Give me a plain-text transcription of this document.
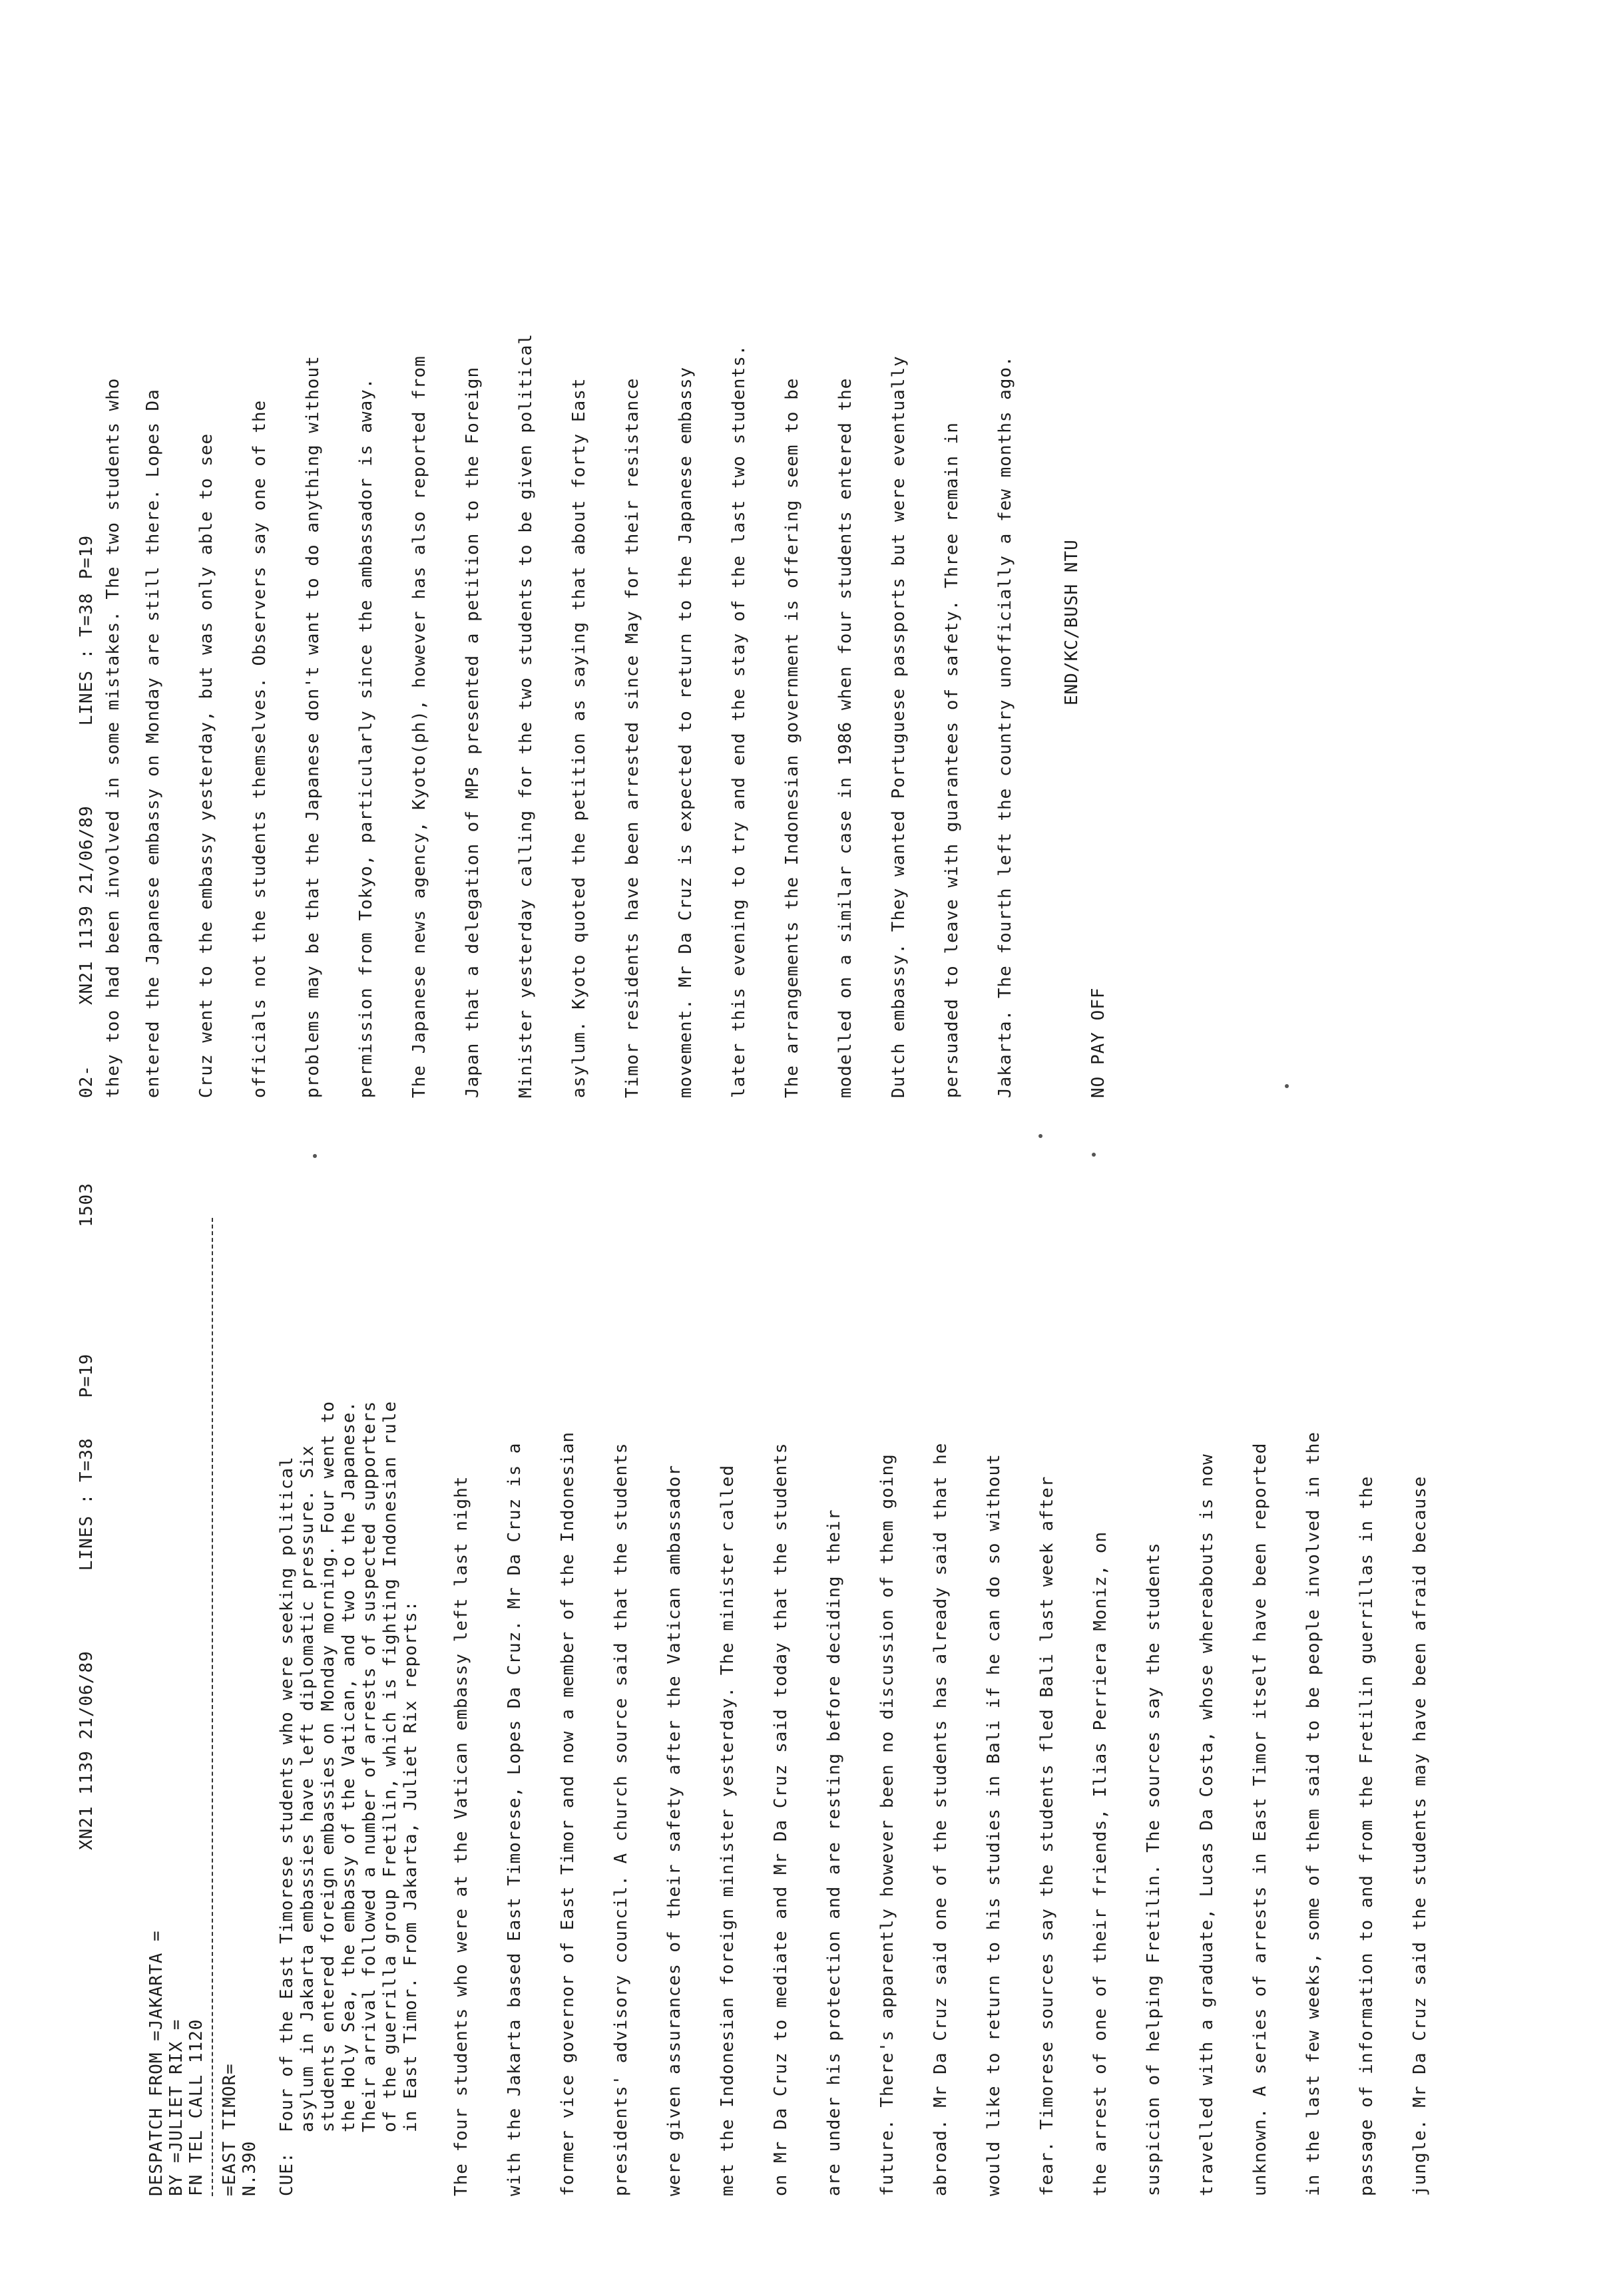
XN21 1139 21/06/89LINES : T=38P=191503
DESPATCH FROM =JAKARTA = BY =JULIET RIX = FN TEL CALL 1120 =EAST TIMOR= N.390 CUE:
Four of the East Timorese students who were seeking political asylum in Jakarta embassies have left diplomatic pressure. Six students entered foreign embassies on Monday morning. Four went to the Holy Sea, the embassy of the Vatican, and two to the Japanese. Their arrival followed a number of arrests of suspected supporters of the guerrilla group Fretilin, which is fighting Indonesian rule in East Timor. From Jakarta, Juliet Rix reports:	The four students who were at the Vatican embassy left last night	with the Jakarta based East Timorese, Lopes Da Cruz. Mr Da Cruz is a	former vice governor of East Timor and now a member of the Indonesian	presidents' advisory council. A church source said that the students	were given assurances of their safety after the Vatican ambassador	met the Indonesian foreign minister yesterday. The minister called	on Mr Da Cruz to mediate and Mr Da Cruz said today that the students	are under his protection and are resting before deciding their	future. There's apparently however been no discussion of them going	abroad. Mr Da Cruz said one of the students has already said that he	would like to return to his studies in Bali if he can do so without	fear. Timorese sources say the students fled Bali last week after	the arrest of one of their friends, Ilias Perriera Moniz, on	suspicion of helping Fretilin. The sources say the students	travelled with a graduate, Lucas Da Costa, whose whereabouts is now	unknown. A series of arrests in East Timor itself have been reported	in the last few weeks, some of them said to be people involved in the	passage of information to and from the Fretilin guerrillas in the	jungle. Mr Da Cruz said the students may have been afraid because
02-XN21 1139 21/06/89LINES : T=38P=19 they too had been involved in some mistakes. The two students who	entered the Japanese embassy on Monday are still there. Lopes Da	Cruz went to the embassy yesterday, but was only able to see	officials not the students themselves. Observers say one of the	problems may be that the Japanese don't want to do anything without	permission from Tokyo, particularly since the ambassador is away.	The Japanese news agency, Kyoto(ph), however has also reported from	Japan that a delegation of MPs presented a petition to the Foreign	Minister yesterday calling for the two students to be given political	asylum. Kyoto quoted the petition as saying that about forty East	Timor residents have been arrested since May for their resistance	movement. Mr Da Cruz is expected to return to the Japanese embassy	later this evening to try and end the stay of the last two students.	The arrangements the Indonesian government is offering seem to be	modelled on a similar case in 1986 when four students entered the	Dutch embassy. They wanted Portuguese passports but were eventually	persuaded to leave with guarantees of safety. Three remain in	Jakarta. The fourth left the country unofficially a few months ago.	NO PAY OFF
END/KC/BUSH NTU
